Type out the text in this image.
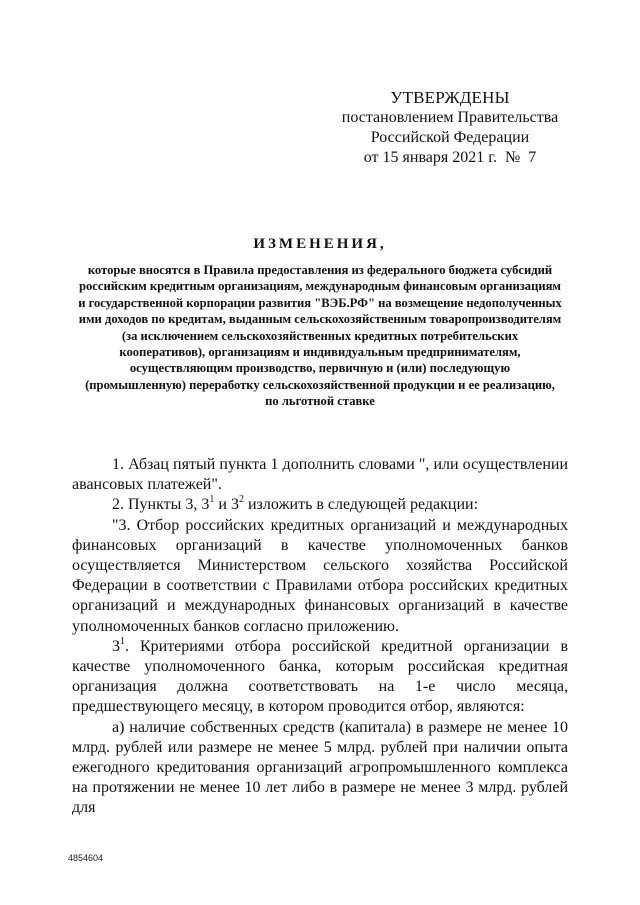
УТВЕРЖДЕНЫ
постановлением Правительства
Российской Федерации
от 15 января 2021 г.  №  7
ИЗМЕНЕНИЯ,
которые вносятся в Правила предоставления из федерального бюджета субсидий российским кредитным организациям, международным финансовым организациям и государственной корпорации развития "ВЭБ.РФ" на возмещение недополученных ими доходов по кредитам, выданным сельскохозяйственным товаропроизводителям (за исключением сельскохозяйственных кредитных потребительских кооперативов), организациям и индивидуальным предпринимателям, осуществляющим производство, первичную и (или) последующую (промышленную) переработку сельскохозяйственной продукции и ее реализацию, по льготной ставке

1. Абзац пятый пункта 1 дополнить словами ", или осуществлении авансовых платежей".

2. Пункты 3, $3^1$ и $3^2$ изложить в следующей редакции:

"3. Отбор российских кредитных организаций и международных финансовых организаций в качестве уполномоченных банков осуществляется Министерством сельского хозяйства Российской Федерации в соответствии с Правилами отбора российских кредитных организаций и международных финансовых организаций в качестве уполномоченных банков согласно приложению.

$3^1$. Критериями отбора российской кредитной организации в качестве уполномоченного банка, которым российская кредитная организация должна соответствовать на 1-е число месяца, предшествующего месяцу, в котором проводится отбор, являются:

а) наличие собственных средств (капитала) в размере не менее 10 млрд. рублей или размере не менее 5 млрд. рублей при наличии опыта ежегодного кредитования организаций агропромышленного комплекса на протяжении не менее 10 лет либо в размере не менее 3 млрд. рублей для

4854604
